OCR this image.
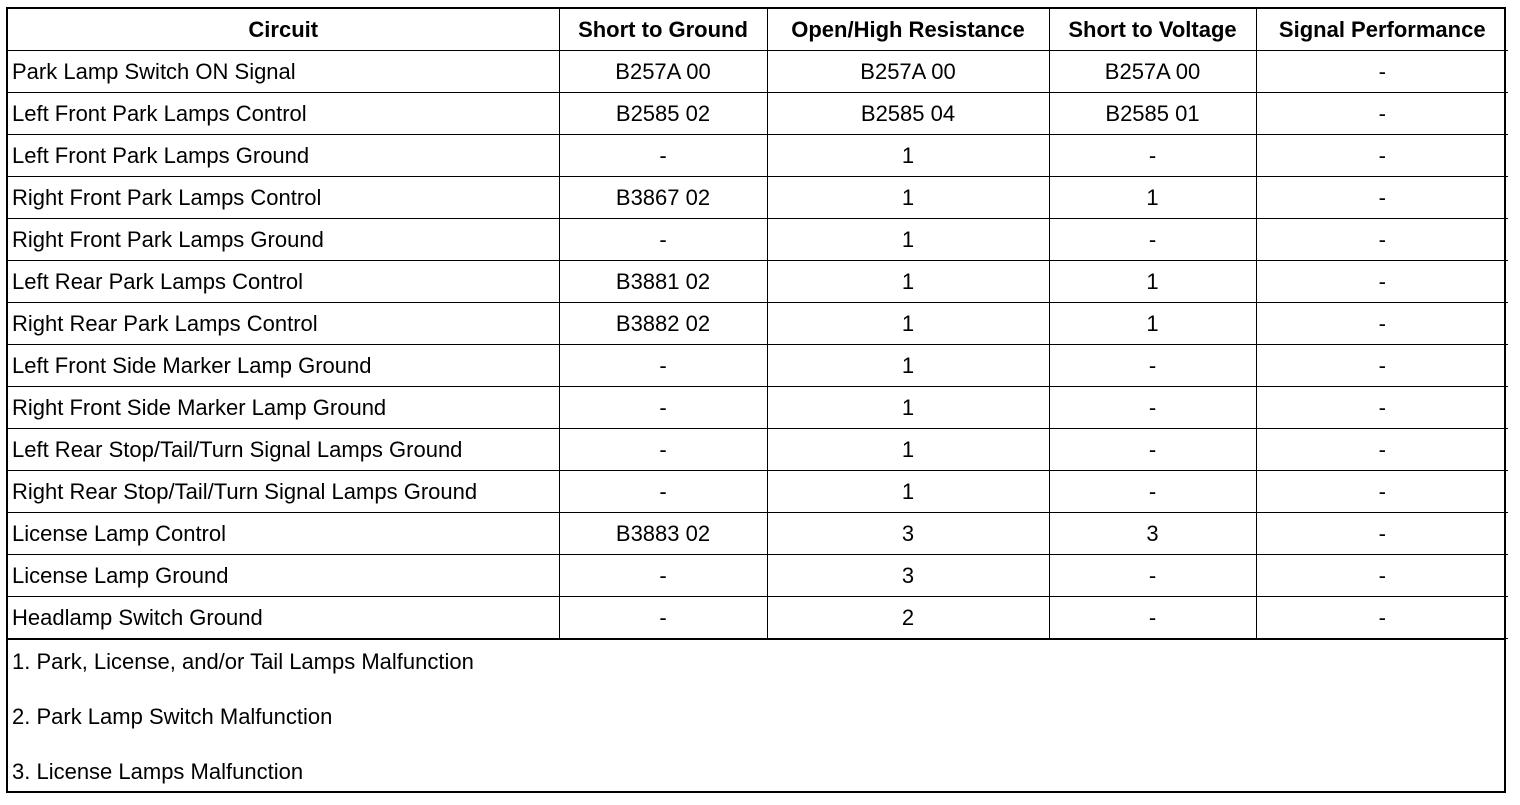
Circuit	Short to Ground	Open/High Resistance	Short to Voltage	Signal Performance
Park Lamp Switch ON Signal	B257A 00	B257A 00	B257A 00	-
Left Front Park Lamps Control	B2585 02	B2585 04	B2585 01	-
Left Front Park Lamps Ground	-	1	-	-
Right Front Park Lamps Control	B3867 02	1	1	-
Right Front Park Lamps Ground	-	1	-	-
Left Rear Park Lamps Control	B3881 02	1	1	-
Right Rear Park Lamps Control	B3882 02	1	1	-
Left Front Side Marker Lamp Ground	-	1	-	-
Right Front Side Marker Lamp Ground	-	1	-	-
Left Rear Stop/Tail/Turn Signal Lamps Ground	-	1	-	-
Right Rear Stop/Tail/Turn Signal Lamps Ground	-	1	-	-
License Lamp Control	B3883 02	3	3	-
License Lamp Ground	-	3	-	-
Headlamp Switch Ground	-	2	-	-
1. Park, License, and/or Tail Lamps Malfunction
2. Park Lamp Switch Malfunction
3. License Lamps Malfunction
